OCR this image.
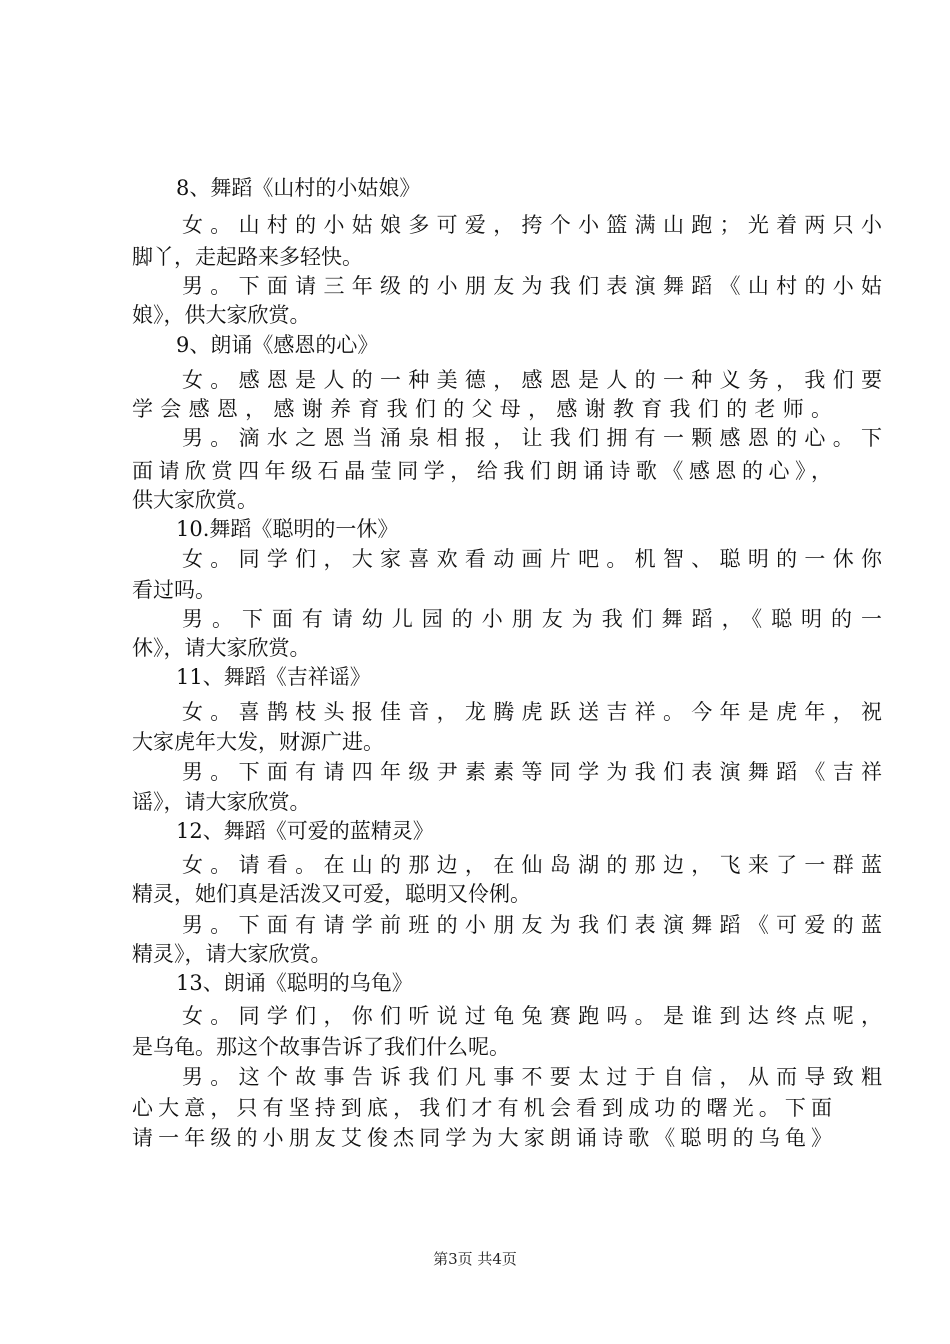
8、舞蹈《山村的小姑娘》
女。山村的小姑娘多可爱，挎个小篮满山跑；光着两只小
脚丫，走起路来多轻快。
男。下面请三年级的小朋友为我们表演舞蹈《山村的小姑
娘》，供大家欣赏。
9、朗诵《感恩的心》
女。感恩是人的一种美德，感恩是人的一种义务，我们要
学会感恩，感谢养育我们的父母，感谢教育我们的老师。
男。滴水之恩当涌泉相报，让我们拥有一颗感恩的心。下
面请欣赏四年级石晶莹同学，给我们朗诵诗歌《感恩的心》，
供大家欣赏。
10.舞蹈《聪明的一休》
女。同学们，大家喜欢看动画片吧。机智、聪明的一休你
看过吗。
男。下面有请幼儿园的小朋友为我们舞蹈，《聪明的一
休》，请大家欣赏。
11、舞蹈《吉祥谣》
女。喜鹊枝头报佳音，龙腾虎跃送吉祥。今年是虎年，祝
大家虎年大发，财源广进。
男。下面有请四年级尹素素等同学为我们表演舞蹈《吉祥
谣》，请大家欣赏。
12、舞蹈《可爱的蓝精灵》
女。请看。在山的那边，在仙岛湖的那边，飞来了一群蓝
精灵，她们真是活泼又可爱，聪明又伶俐。
男。下面有请学前班的小朋友为我们表演舞蹈《可爱的蓝
精灵》，请大家欣赏。
13、朗诵《聪明的乌龟》
女。同学们，你们听说过龟兔赛跑吗。是谁到达终点呢，
是乌龟。那这个故事告诉了我们什么呢。
男。这个故事告诉我们凡事不要太过于自信，从而导致粗
心大意，只有坚持到底，我们才有机会看到成功的曙光。下面
请一年级的小朋友艾俊杰同学为大家朗诵诗歌《聪明的乌龟》
第3页 共4页
